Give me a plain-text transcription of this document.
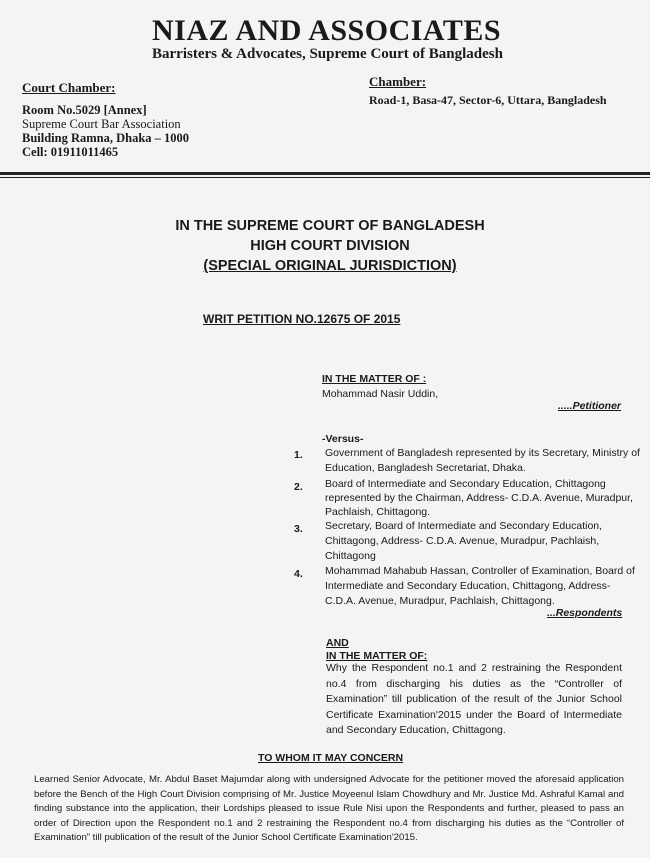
NIAZ AND ASSOCIATES
Barristers & Advocates, Supreme Court of Bangladesh
Court Chamber:
Room No.5029 [Annex]
Supreme Court Bar Association
Building Ramna, Dhaka – 1000
Cell: 01911011465
Chamber:
Road-1, Basa-47, Sector-6, Uttara, Bangladesh
IN THE SUPREME COURT OF BANGLADESH
HIGH COURT DIVISION
(SPECIAL ORIGINAL JURISDICTION)
WRIT PETITION NO.12675 OF 2015
IN THE MATTER OF :
Mohammad Nasir Uddin,
.....Petitioner
-Versus-
1. Government of Bangladesh represented by its Secretary, Ministry of
Education, Bangladesh Secretariat, Dhaka.
2. Board of Intermediate and Secondary Education, Chittagong
represented by the Chairman, Address- C.D.A. Avenue, Muradpur,
Pachlaish, Chittagong.
3. Secretary, Board of Intermediate and Secondary Education,
Chittagong, Address- C.D.A. Avenue, Muradpur, Pachlaish,
Chittagong
4. Mohammad Mahabub Hassan, Controller of Examination, Board of
Intermediate and Secondary Education, Chittagong, Address-
C.D.A. Avenue, Muradpur, Pachlaish, Chittagong.
...Respondents
AND
IN THE MATTER OF:
Why the Respondent no.1 and 2 restraining the Respondent no.4 from discharging his duties as the “Controller of Examination” till publication of the result of the Junior School Certificate Examination'2015 under the Board of Intermediate and Secondary Education, Chittagong.
TO WHOM IT MAY CONCERN
Learned Senior Advocate, Mr. Abdul Baset Majumdar along with undersigned Advocate for the petitioner moved the aforesaid application before the Bench of the High Court Division comprising of Mr. Justice Moyeenul Islam Chowdhury and Mr. Justice Md. Ashraful Kamal and finding substance into the application, their Lordships pleased to issue Rule Nisi upon the Respondents and further, pleased to pass an order of Direction upon the Respondent no.1 and 2 restraining the Respondent no.4 from discharging his duties as the “Controller of Examination” till publication of the result of the Junior School Certificate Examination'2015.
